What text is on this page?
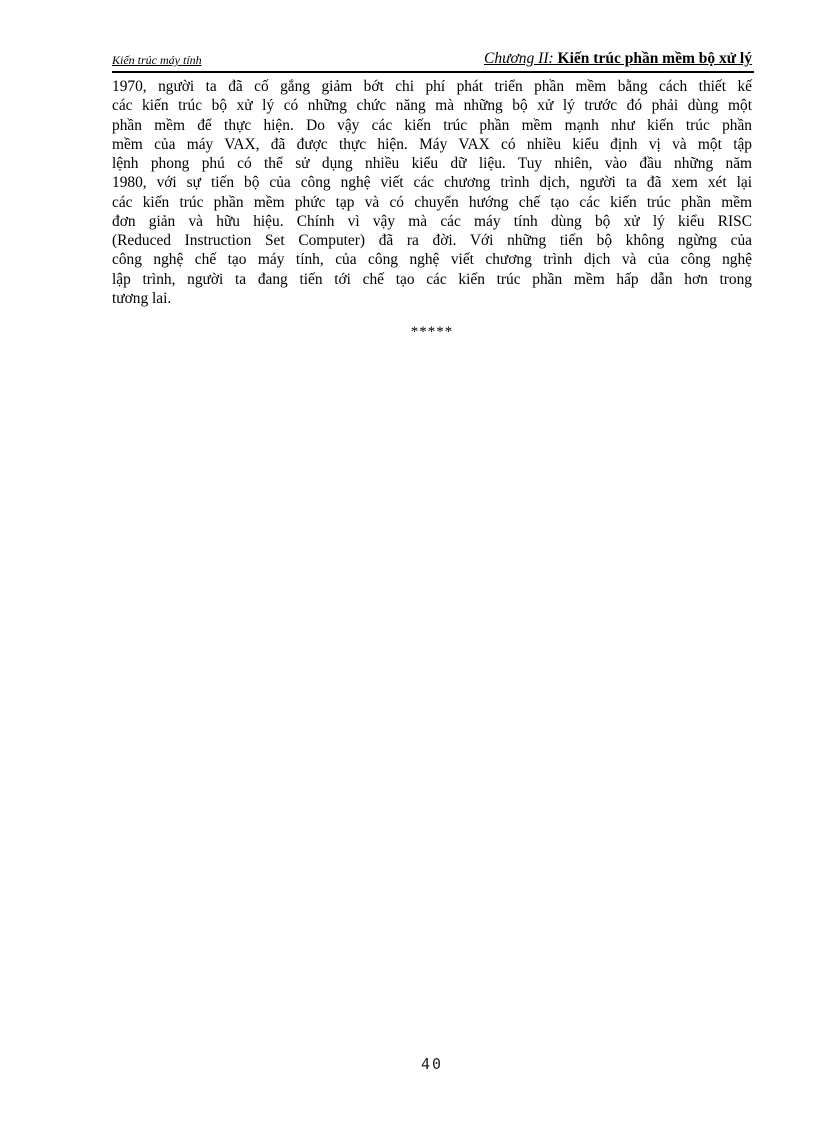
Kiến trúc máy tính	Chương II: Kiến trúc phần mềm bộ xử lý
1970, người ta đã cố gắng giảm bớt chi phí phát triển phần mềm bằng cách thiết kế
các kiến trúc bộ xử lý có những chức năng mà những bộ xử lý trước đó phải dùng một
phần mềm để thực hiện. Do vậy các kiến trúc phần mềm mạnh như kiến trúc phần
mềm của máy VAX, đã được thực hiện. Máy VAX có nhiều kiểu định vị và một tập
lệnh phong phú có thể sử dụng nhiều kiểu dữ liệu. Tuy nhiên, vào đầu những năm
1980, với sự tiến bộ của công nghệ viết các chương trình dịch, người ta đã xem xét lại
các kiến trúc phần mềm phức tạp và có chuyển hướng chế tạo các kiến trúc phần mềm
đơn giản và hữu hiệu. Chính vì vậy mà các máy tính dùng bộ xử lý kiểu RISC
(Reduced Instruction Set Computer) đã ra đời. Với những tiến bộ không ngừng của
công nghệ chế tạo máy tính, của công nghệ viết chương trình dịch và của công nghệ
lập trình, người ta đang tiến tới chế tạo các kiến trúc phần mềm hấp dẫn hơn trong
tương lai.
*****
40
